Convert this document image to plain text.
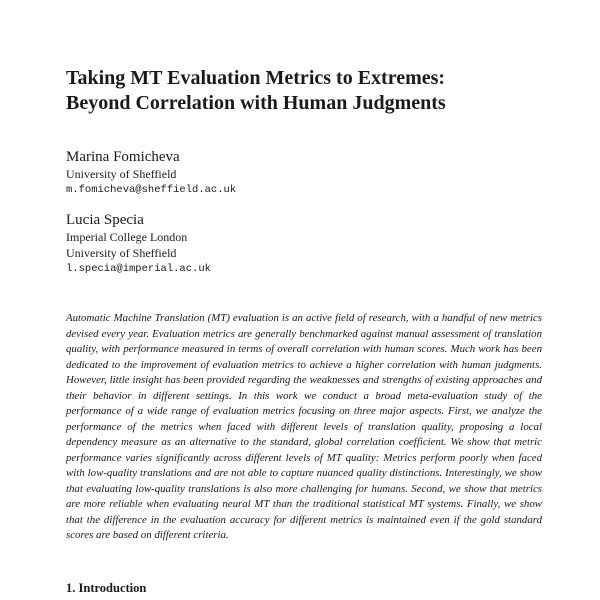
Taking MT Evaluation Metrics to Extremes:
Beyond Correlation with Human Judgments
Marina Fomicheva
University of Sheffield
m.fomicheva@sheffield.ac.uk
Lucia Specia
Imperial College London
University of Sheffield
l.specia@imperial.ac.uk

Automatic Machine Translation (MT) evaluation is an active field of research, with a handful of new metrics devised every year. Evaluation metrics are generally benchmarked against manual assessment of translation quality, with performance measured in terms of overall correlation with human scores. Much work has been dedicated to the improvement of evaluation metrics to achieve a higher correlation with human judgments. However, little insight has been provided regarding the weaknesses and strengths of existing approaches and their behavior in different settings. In this work we conduct a broad meta-evaluation study of the performance of a wide range of evaluation metrics focusing on three major aspects. First, we analyze the performance of the metrics when faced with different levels of translation quality, proposing a local dependency measure as an alternative to the standard, global correlation coefficient. We show that metric performance varies significantly across different levels of MT quality: Metrics perform poorly when faced with low-quality translations and are not able to capture nuanced quality distinctions. Interestingly, we show that evaluating low-quality translations is also more challenging for humans. Second, we show that metrics are more reliable when evaluating neural MT than the traditional statistical MT systems. Finally, we show that the difference in the evaluation accuracy for different metrics is maintained even if the gold standard scores are based on different criteria.

1. Introduction
